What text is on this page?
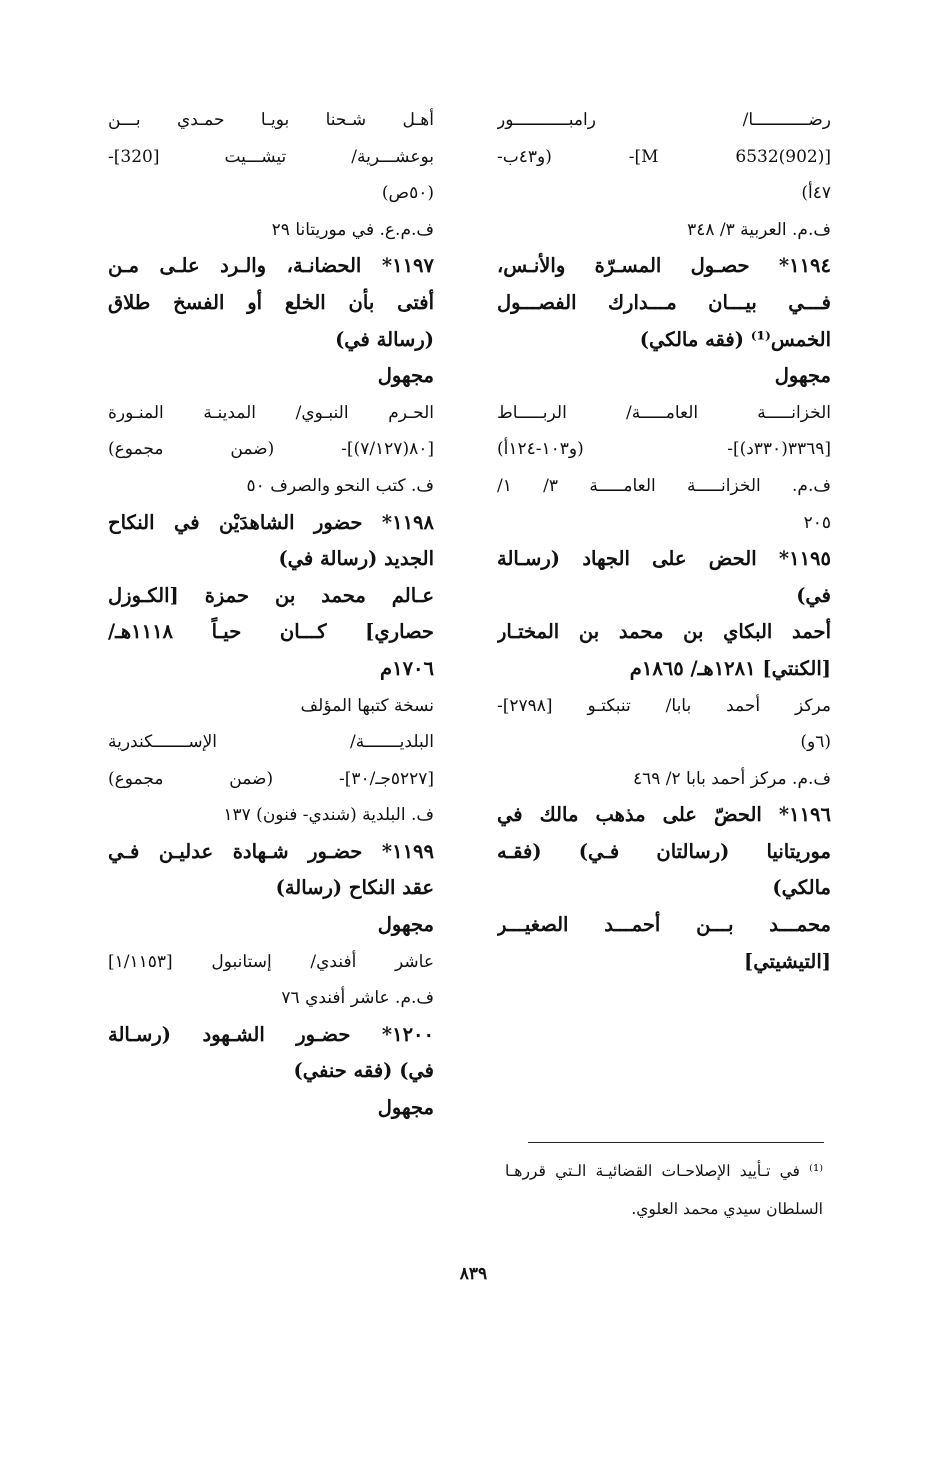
رضـــــــــــا/ رامبـــــــــــور
[M 6532(902)]- (و٤٣ب-
٤٧أ)
ف.م. العربية ٣/ ٣٤٨
١١٩٤* حصـول المسـرّة والأنـس،
فـــي بيـــان مـــدارك الفصـــول
الخمس⁽¹⁾ (فقه مالكي)
مجهول
الخزانـــــة العامـــــة/ الربـــــاط
[٣٣٦٩(٣٣٠د)]- (و١٠٣-١٢٤أ)
ف.م. الخزانـــــة العامـــــة ٣/ ١/
٢٠٥
١١٩٥* الحض على الجهاد (رسـالة
في)
أحمد البكاي بن محمد بن المختـار
[الكنتي] ١٢٨١هـ/ ١٨٦٥م
مركز أحمد بابا/ تنبكتـو [٢٧٩٨]-
(٦و)
ف.م. مركز أحمد بابا ٢/ ٤٦٩
١١٩٦* الحضّ على مذهب مالك في
موريتانيا (رسالتان فـي) (فقـه
مالكي)
محمـــد بـــن أحمـــد الصغيـــر
[التيشيتي]
أهـل شـحنا بويـا حمـدي بـــن
بوعشـــرية/ تيشـــيت [320]-
(٥٠ص)
ف.م.ع. في موريتانا ٢٩
١١٩٧* الحضانـة، والـرد علـى مـن
أفتى بأن الخلع أو الفسخ طلاق
(رسالة في)
مجهول
الحـرم النبـوي/ المدينـة المنـورة
[٨٠(٧/١٢٧)]- (ضمن مجموع)
ف. كتب النحو والصرف ٥٠
١١٩٨* حضور الشاهدَيْن في النكاح
الجديد (رسالة في)
عـالم محمد بن حمزة [الكـوزل
حصاري] كـــان حيـاً ١١١٨هـ/
١٧٠٦م
نسخة كتبها المؤلف
البلديـــــــة/ الإســـــــكندرية
[٥٢٢٧جـ/٣٠]- (ضمن مجموع)
ف. البلدية (شندي- فنون) ١٣٧
١١٩٩* حضـور شـهادة عدليـن فـي
عقد النكاح (رسالة)
مجهول
عاشر أفندي/ إستانبول [١/١١٥٣]
ف.م. عاشر أفندي ٧٦
١٢٠٠* حضـور الشـهود (رسـالة
في) (فقه حنفي)
مجهول
⁽¹⁾ في تـأييد الإصلاحـات القضائيـة الـتي قررهـا
السلطان سيدي محمد العلوي.
٨٣٩
